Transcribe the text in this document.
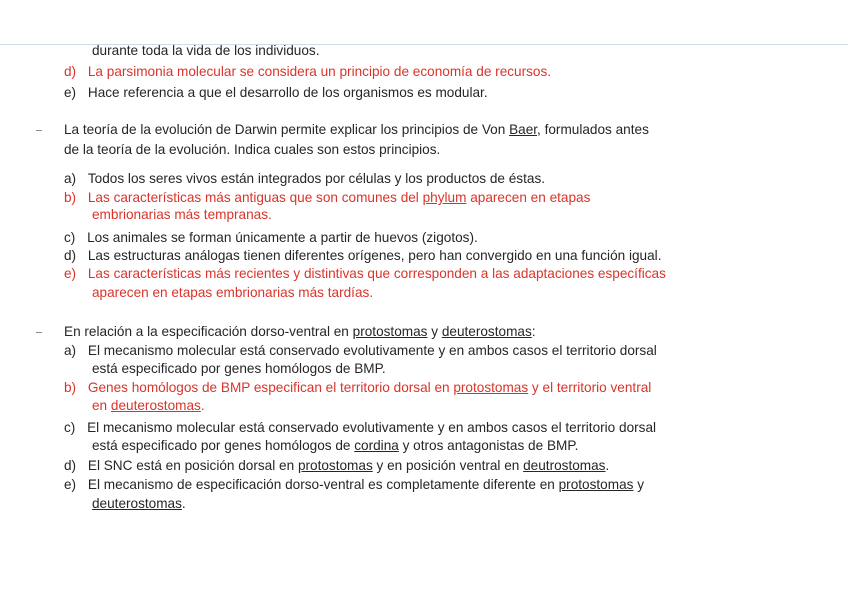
durante toda la vida de los individuos.
d) La parsimonia molecular se considera un principio de economía de recursos.
e) Hace referencia a que el desarrollo de los organismos es modular.
La teoría de la evolución de Darwin permite explicar los principios de Von Baer, formulados antes
de la teoría de la evolución. Indica cuales son estos principios.
a) Todos los seres vivos están integrados por células y los productos de éstas.
b) Las características más antiguas que son comunes del phylum aparecen en etapas
embrionarias más tempranas.
c) Los animales se forman únicamente a partir de huevos (zigotos).
d) Las estructuras análogas tienen diferentes orígenes, pero han convergido en una función igual.
e) Las características más recientes y distintivas que corresponden a las adaptaciones específicas
aparecen en etapas embrionarias más tardías.
En relación a la especificación dorso-ventral en protostomas y deuterostomas:
a) El mecanismo molecular está conservado evolutivamente y en ambos casos el territorio dorsal
está especificado por genes homólogos de BMP.
b) Genes homólogos de BMP especifican el territorio dorsal en protostomas y el territorio ventral
en deuterostomas.
c) El mecanismo molecular está conservado evolutivamente y en ambos casos el territorio dorsal
está especificado por genes homólogos de cordina y otros antagonistas de BMP.
d) El SNC está en posición dorsal en protostomas y en posición ventral en deutrostomas.
e) El mecanismo de especificación dorso-ventral es completamente diferente en protostomas y
deuterostomas.
